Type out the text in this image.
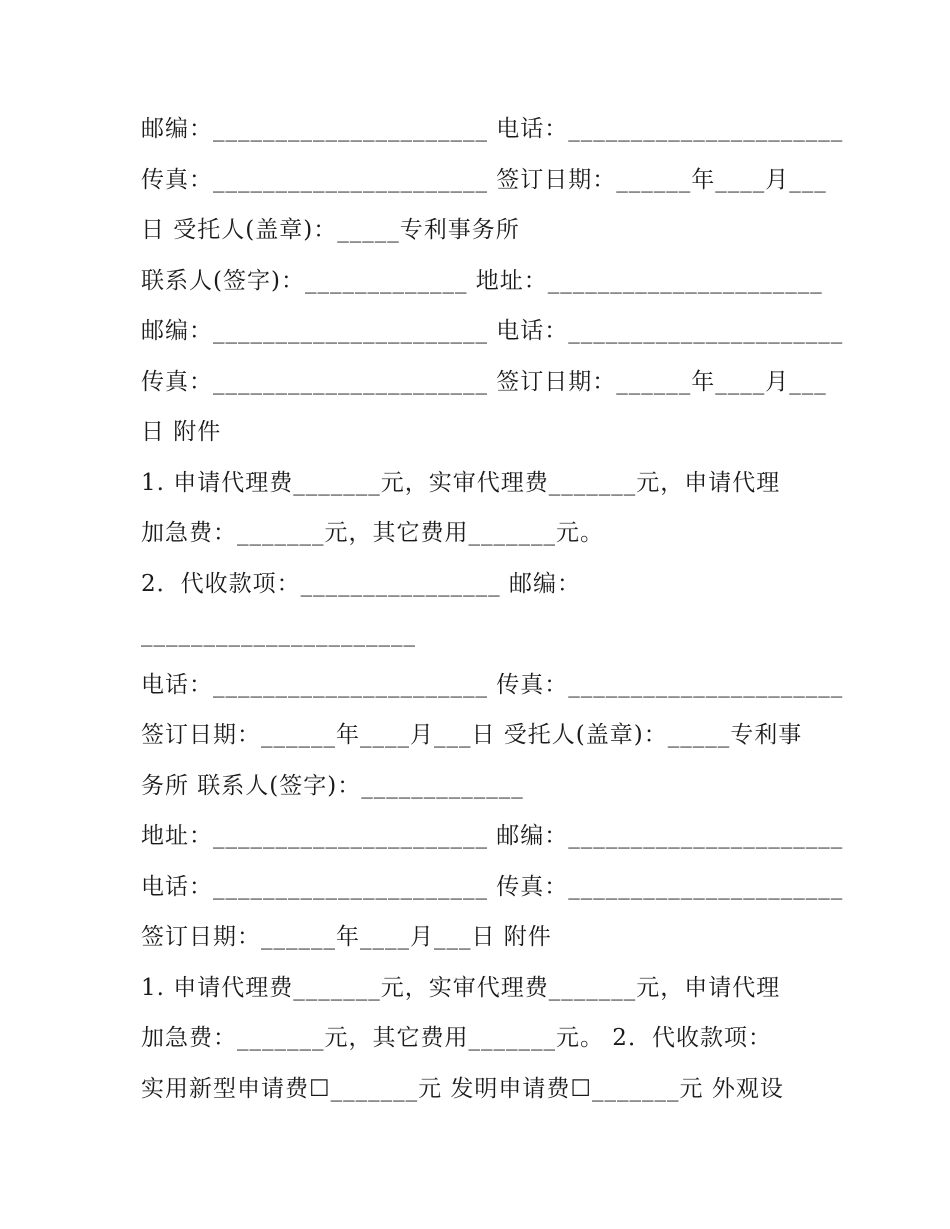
邮编：______________________ 电话：______________________

传真：______________________ 签订日期：______年____月___

日 受托人(盖章)：_____专利事务所

联系人(签字)：_____________ 地址：______________________

邮编：______________________ 电话：______________________

传真：______________________ 签订日期：______年____月___

日 附件

1. 申请代理费_______元，实审代理费_______元，申请代理

加急费：_______元，其它费用_______元。

2．代收款项：________________ 邮编：

______________________

电话：______________________ 传真：______________________

签订日期：______年____月___日 受托人(盖章)：_____专利事

务所 联系人(签字)：_____________

地址：______________________ 邮编：______________________

电话：______________________ 传真：______________________

签订日期：______年____月___日 附件

1. 申请代理费_______元，实审代理费_______元，申请代理

加急费：_______元，其它费用_______元。 2．代收款项：

实用新型申请费☐_______元 发明申请费☐_______元 外观设
